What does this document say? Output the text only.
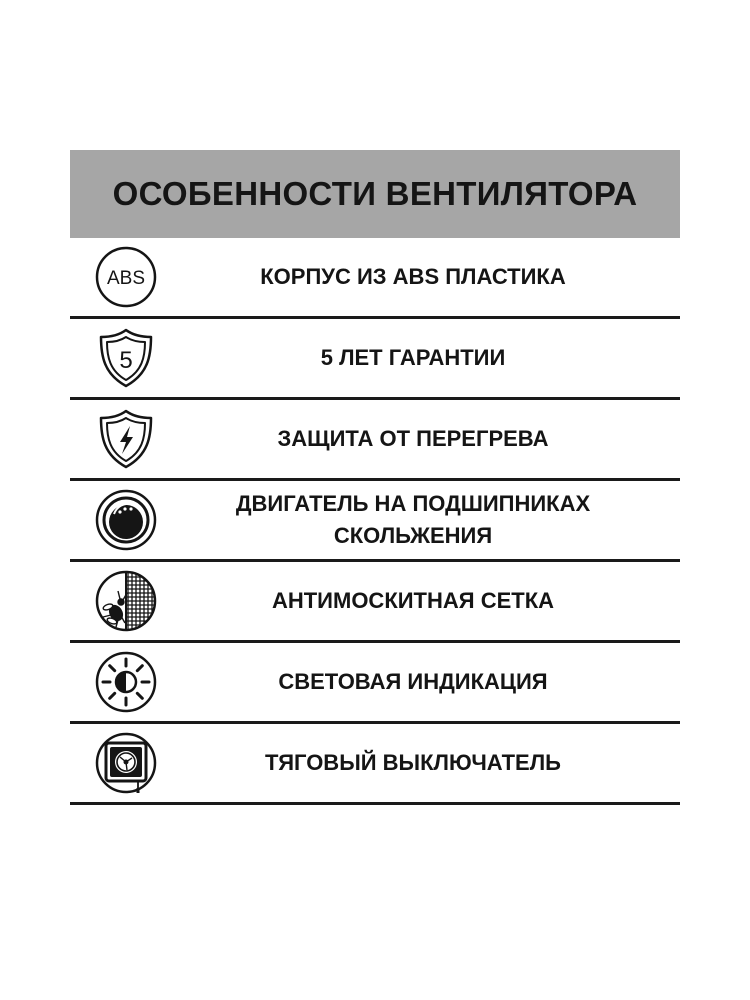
ОСОБЕННОСТИ ВЕНТИЛЯТОРА
ABS	КОРПУС ИЗ ABS ПЛАСТИКА
5	5 ЛЕТ ГАРАНТИИ
ЗАЩИТА ОТ ПЕРЕГРЕВА
ДВИГАТЕЛЬ НА ПОДШИПНИКАХ
СКОЛЬЖЕНИЯ
АНТИМОСКИТНАЯ СЕТКА
СВЕТОВАЯ ИНДИКАЦИЯ
ТЯГОВЫЙ ВЫКЛЮЧАТЕЛЬ
